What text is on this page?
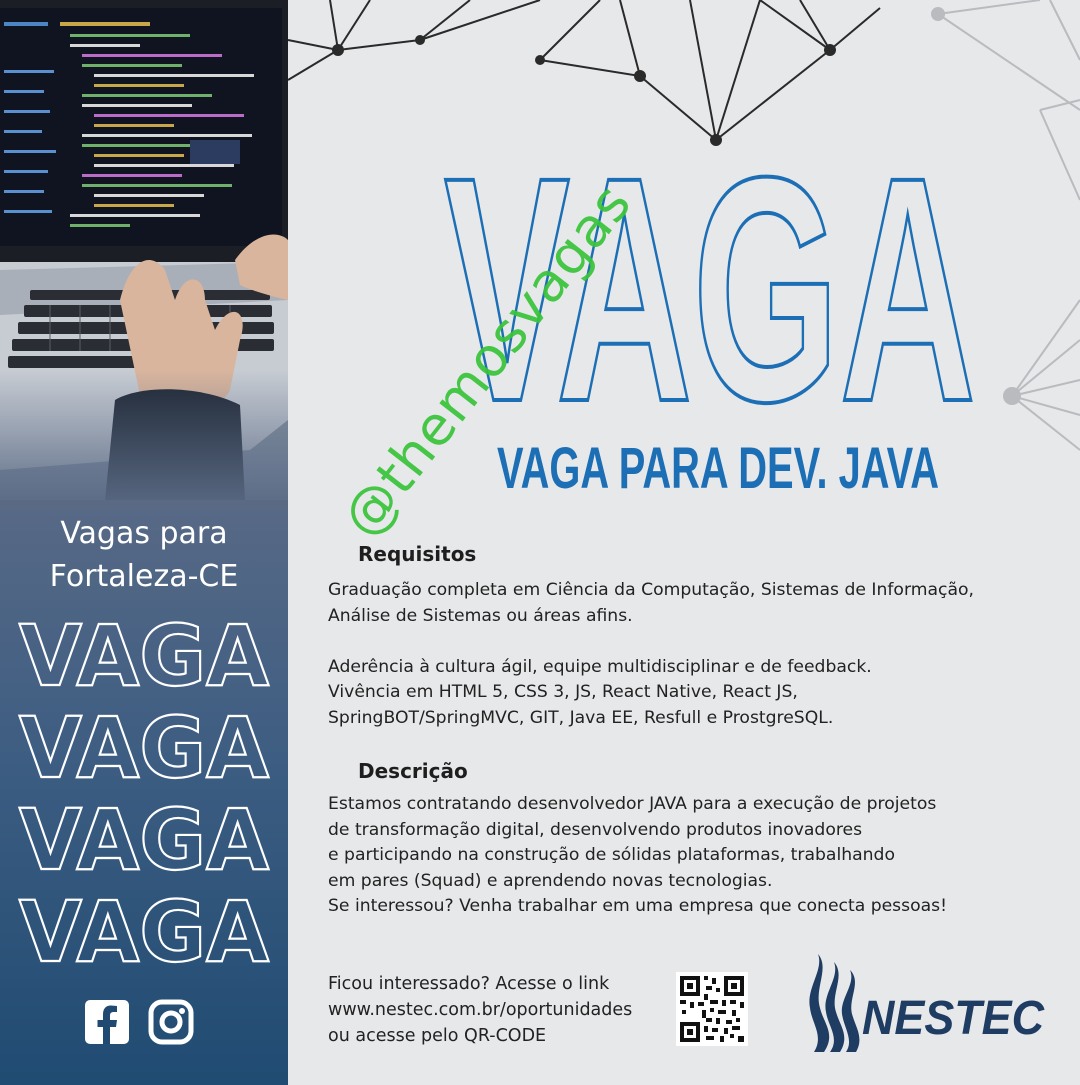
Vagas para
Fortaleza-CE
VAGA
VAGA
VAGA
VAGA
VAGA
VAGA PARA DEV. JAVA
Requisitos
Graduação completa em Ciência da Computação, Sistemas de Informação,
Análise de Sistemas ou áreas afins.
Aderência à cultura ágil, equipe multidisciplinar e de feedback.
Vivência em HTML 5, CSS 3, JS, React Native, React JS,
SpringBOT/SpringMVC, GIT, Java EE, Resfull e ProstgreSQL.
Descrição
Estamos contratando desenvolvedor JAVA para a execução de projetos
de transformação digital, desenvolvendo produtos inovadores
e participando na construção de sólidas plataformas, trabalhando
em pares (Squad) e aprendendo novas tecnologias.
Se interessou? Venha trabalhar em uma empresa que conecta pessoas!
Ficou interessado? Acesse o link
www.nestec.com.br/oportunidades
ou acesse pelo QR-CODE	NESTEC
@themosvagas
